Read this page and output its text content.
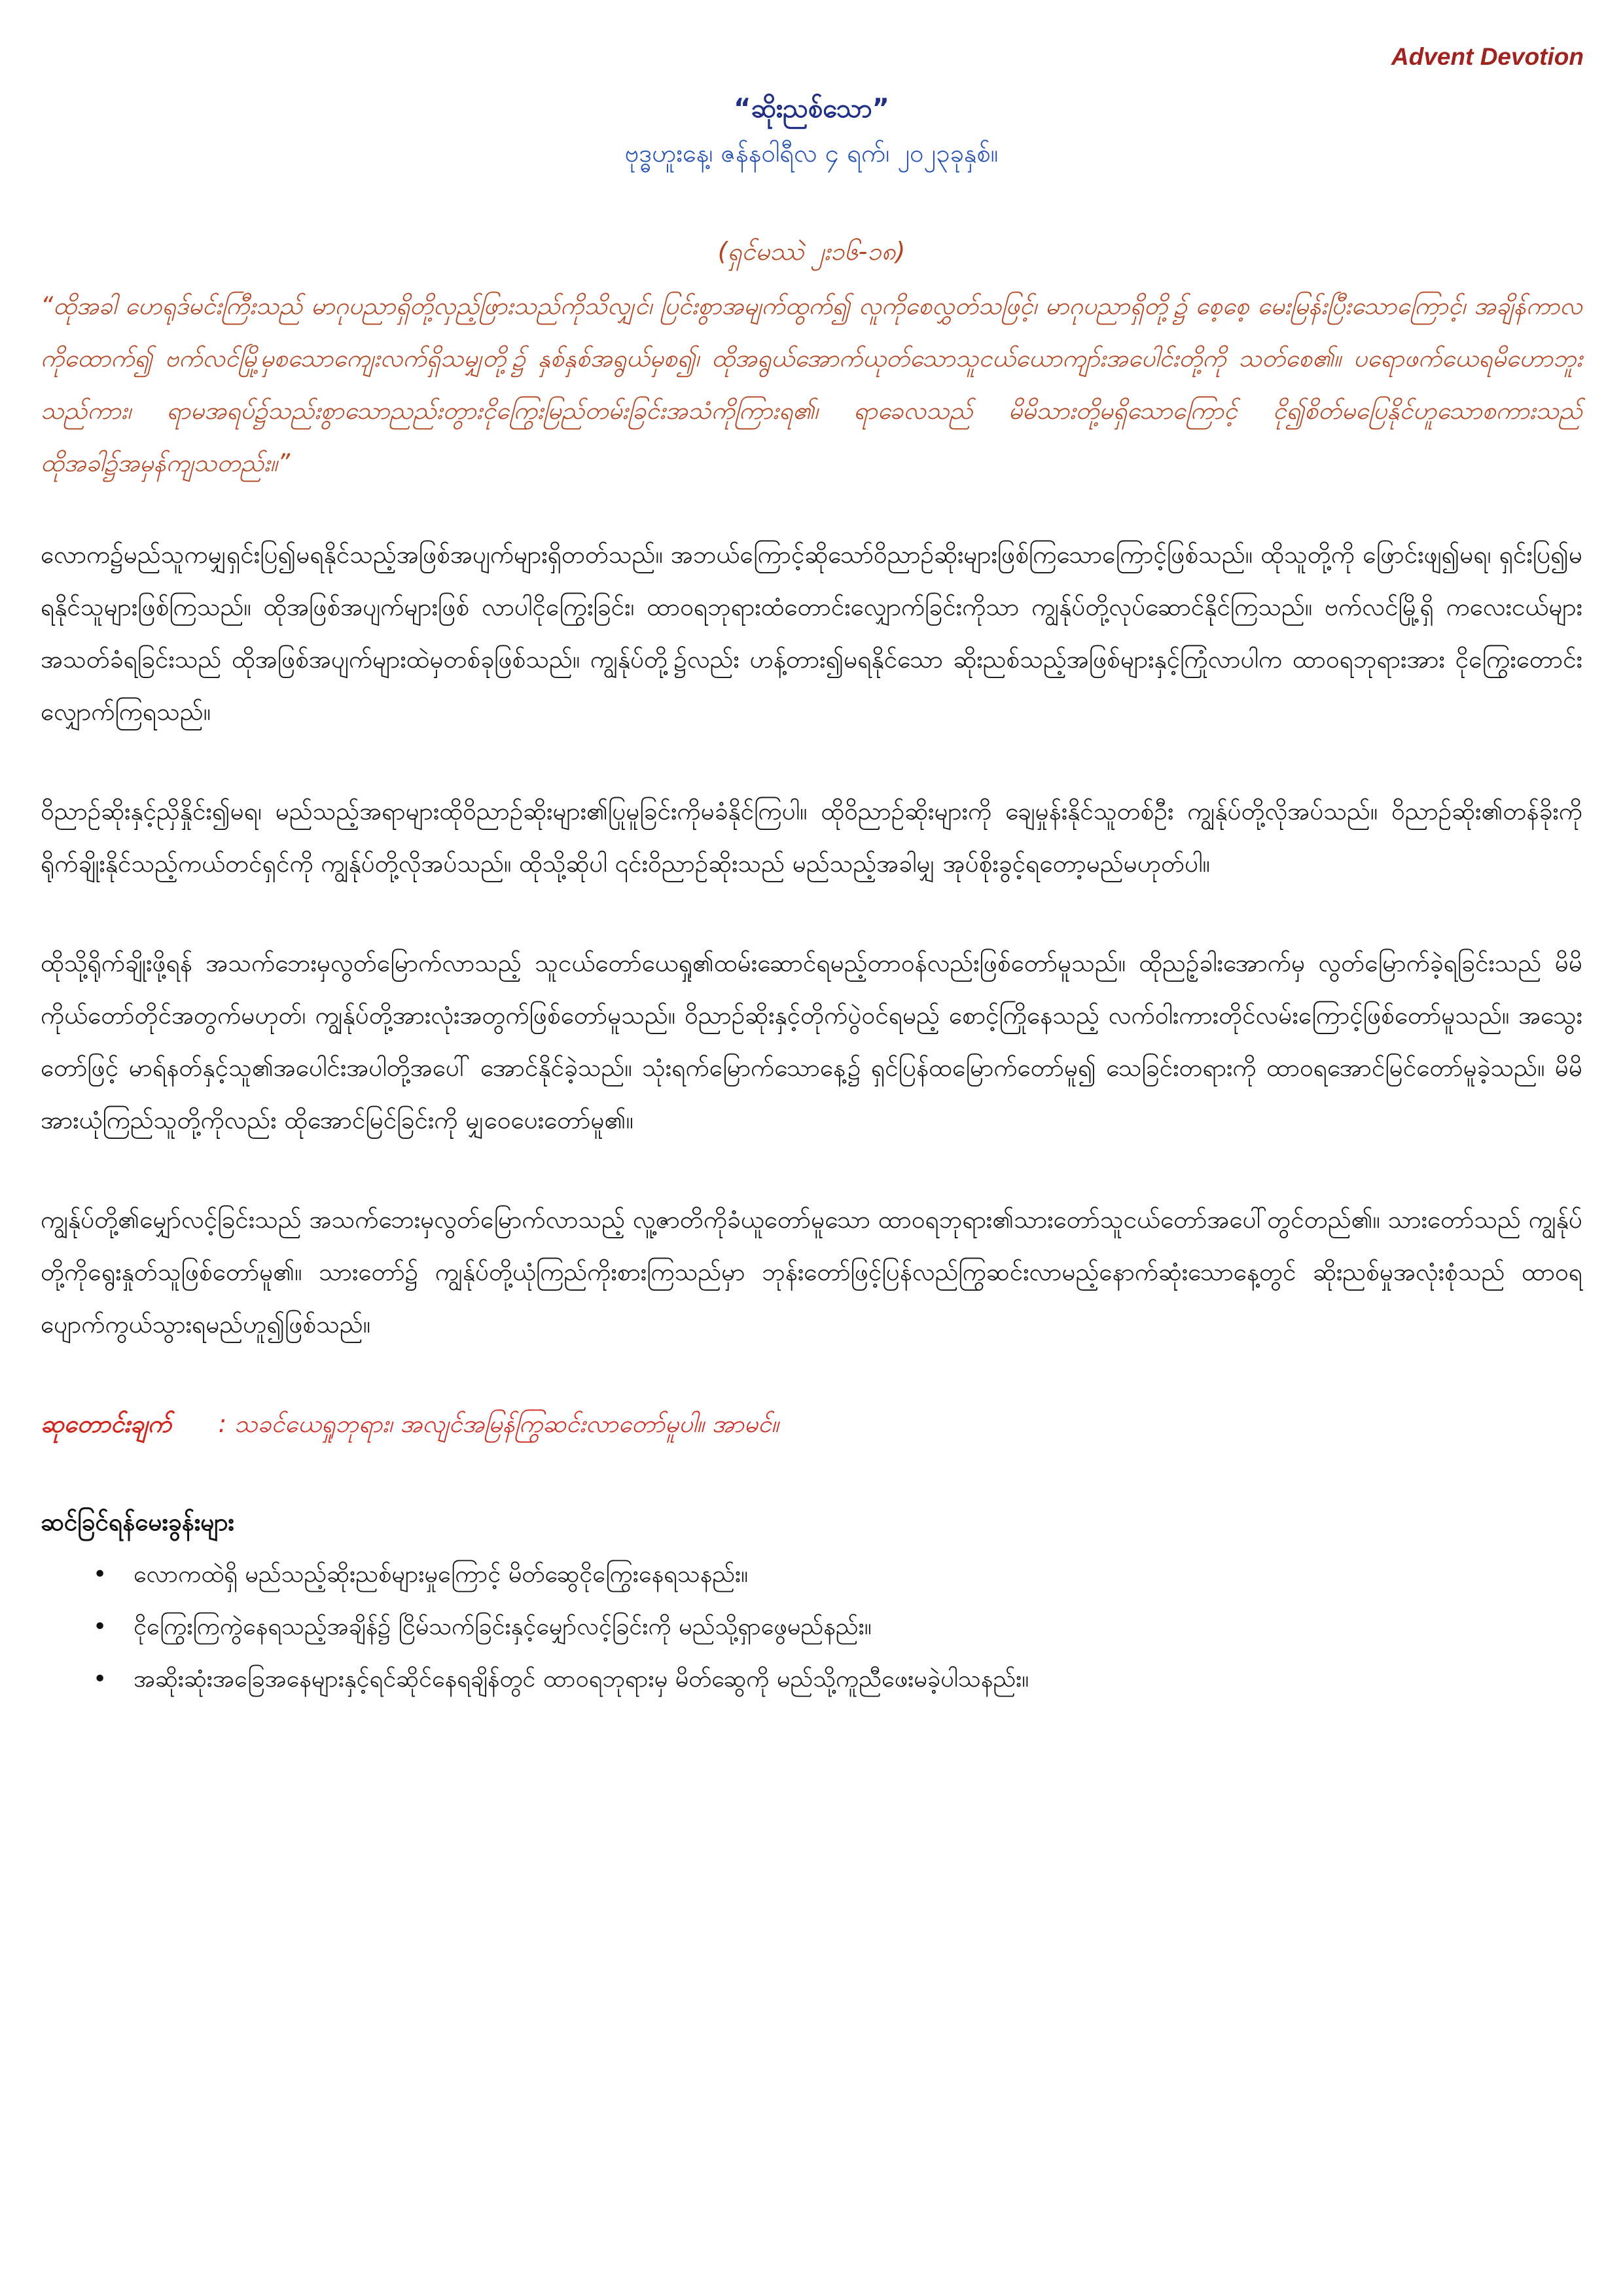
Advent Devotion
“ဆိုးညစ်သော”
ဗုဒ္ဓဟူးနေ့၊ ဇန်နဝါရီလ ၄ ရက်၊ ၂၀၂၃ခုနှစ်။
(ရှင်မဿဲ ၂း၁၆-၁၈)

“ထိုအခါ ဟေရုဒ်မင်းကြီးသည် မာဂုပညာရှိတို့လှည့်ဖြားသည်ကိုသိလျှင်၊ ပြင်းစွာအမျက်ထွက်၍ လူကိုစေလွှတ်သဖြင့်၊ မာဂုပညာရှိတို့၌ စေ့စေ့ မေးမြန်းပြီးသောကြောင့်၊ အချိန်ကာလကိုထောက်၍ ဗက်လင်မြို့မှစသောကျေးလက်ရှိသမျှတို့၌ နှစ်နှစ်အရွယ်မှစ၍၊ ထိုအရွယ်အောက်ယုတ်သောသူငယ်ယောကျာ်းအပေါင်းတို့ကို သတ်စေ၏။ ပရောဖက်ယေရမိဟောဘူးသည်ကား၊ ရာမအရပ်၌သည်းစွာသောညည်းတွားငိုကြွေးမြည်တမ်းခြင်းအသံကိုကြားရ၏၊ ရာခေလသည် မိမိသားတို့မရှိသောကြောင့် ငို၍စိတ်မပြေနိုင်ဟူသောစကားသည် ထိုအခါ၌အမှန်ကျသတည်း။”

လောက၌မည်သူကမျှရှင်းပြ၍မရနိုင်သည့်အဖြစ်အပျက်များရှိတတ်သည်။ အဘယ်ကြောင့်ဆိုသော်ဝိညာဉ်ဆိုးများဖြစ်ကြသောကြောင့်ဖြစ်သည်။ ထိုသူတို့ကို ဖြောင်းဖျ၍မရ၊ ရှင်းပြ၍မရနိုင်သူများဖြစ်ကြသည်။ ထိုအဖြစ်အပျက်များဖြစ် လာပါငိုကြွေးခြင်း၊ ထာဝရဘုရားထံတောင်းလျှောက်ခြင်းကိုသာ ကျွန်ုပ်တို့လုပ်ဆောင်နိုင်ကြသည်။ ဗက်လင်မြို့ရှိ ကလေးငယ်များအသတ်ခံရခြင်းသည် ထိုအဖြစ်အပျက်များထဲမှတစ်ခုဖြစ်သည်။ ကျွန်ုပ်တို့၌လည်း ဟန့်တား၍မရနိုင်သော ဆိုးညစ်သည့်အဖြစ်များနှင့်ကြုံလာပါက ထာဝရဘုရားအား ငိုကြွေးတောင်းလျှောက်ကြရသည်။

ဝိညာဉ်ဆိုးနှင့်ညှိနှိုင်း၍မရ၊ မည်သည့်အရာများထိုဝိညာဉ်ဆိုးများ၏ပြုမူခြင်းကိုမခံနိုင်ကြပါ။ ထိုဝိညာဉ်ဆိုးများကို ချေမှုန်းနိုင်သူတစ်ဦး ကျွန်ုပ်တို့လိုအပ်သည်။ ဝိညာဉ်ဆိုး၏တန်ခိုးကို ရိုက်ချိုးနိုင်သည့်ကယ်တင်ရှင်ကို ကျွန်ုပ်တို့လိုအပ်သည်။ ထိုသို့ဆိုပါ ၎င်းဝိညာဉ်ဆိုးသည် မည်သည့်အခါမျှ အုပ်စိုးခွင့်ရတော့မည်မဟုတ်ပါ။

ထိုသို့ရိုက်ချိုးဖို့ရန် အသက်ဘေးမှလွတ်မြောက်လာသည့် သူငယ်တော်ယေရှု၏ထမ်းဆောင်ရမည့်တာဝန်လည်းဖြစ်တော်မူသည်။ ထိုညဉ့်ခါးအောက်မှ လွတ်မြောက်ခဲ့ရခြင်းသည် မိမိကိုယ်တော်တိုင်အတွက်မဟုတ်၊ ကျွန်ုပ်တို့အားလုံးအတွက်ဖြစ်တော်မူသည်။ ဝိညာဉ်ဆိုးနှင့်တိုက်ပွဲဝင်ရမည့် စောင့်ကြိုနေသည့် လက်ဝါးကားတိုင်လမ်းကြောင့်ဖြစ်တော်မူသည်။ အသွေးတော်ဖြင့် မာရ်နတ်နှင့်သူ၏အပေါင်းအပါတို့အပေါ် အောင်နိုင်ခဲ့သည်။ သုံးရက်မြောက်သောနေ့၌ ရှင်ပြန်ထမြောက်တော်မူ၍ သေခြင်းတရားကို ထာဝရအောင်မြင်တော်မူခဲ့သည်။ မိမိအားယုံကြည်သူတို့ကိုလည်း ထိုအောင်မြင်ခြင်းကို မျှဝေပေးတော်မူ၏။

ကျွန်ုပ်တို့၏မျှော်လင့်ခြင်းသည် အသက်ဘေးမှလွတ်မြောက်လာသည့် လူ့ဇာတိကိုခံယူတော်မူသော ထာဝရဘုရား၏သားတော်သူငယ်တော်အပေါ်တွင်တည်၏။ သားတော်သည် ကျွန်ုပ်တို့ကိုရွေးနှုတ်သူဖြစ်တော်မူ၏။ သားတော်၌ ကျွန်ုပ်တို့ယုံကြည်ကိုးစားကြသည်မှာ ဘုန်းတော်ဖြင့်ပြန်လည်ကြွဆင်းလာမည့်နောက်ဆုံးသောနေ့တွင် ဆိုးညစ်မှုအလုံးစုံသည် ထာဝရပျောက်ကွယ်သွားရမည်ဟူ၍ဖြစ်သည်။

ဆုတောင်းချက် : သခင်ယေရှုဘုရား၊ အလျင်အမြန်ကြွဆင်းလာတော်မူပါ။ အာမင်။

ဆင်ခြင်ရန်မေးခွန်းများ

• လောကထဲရှိ မည်သည့်ဆိုးညစ်များမှုကြောင့် မိတ်ဆွေငိုကြွေးနေရသနည်း။
• ငိုကြွေးကြကွဲနေရသည့်အချိန်၌ ငြိမ်သက်ခြင်းနှင့်မျှော်လင့်ခြင်းကို မည်သို့ရှာဖွေမည်နည်း။
• အဆိုးဆုံးအခြေအနေများနှင့်ရင်ဆိုင်နေရချိန်တွင် ထာဝရဘုရားမှ မိတ်ဆွေကို မည်သို့ကူညီဖေးမခဲ့ပါသနည်း။
